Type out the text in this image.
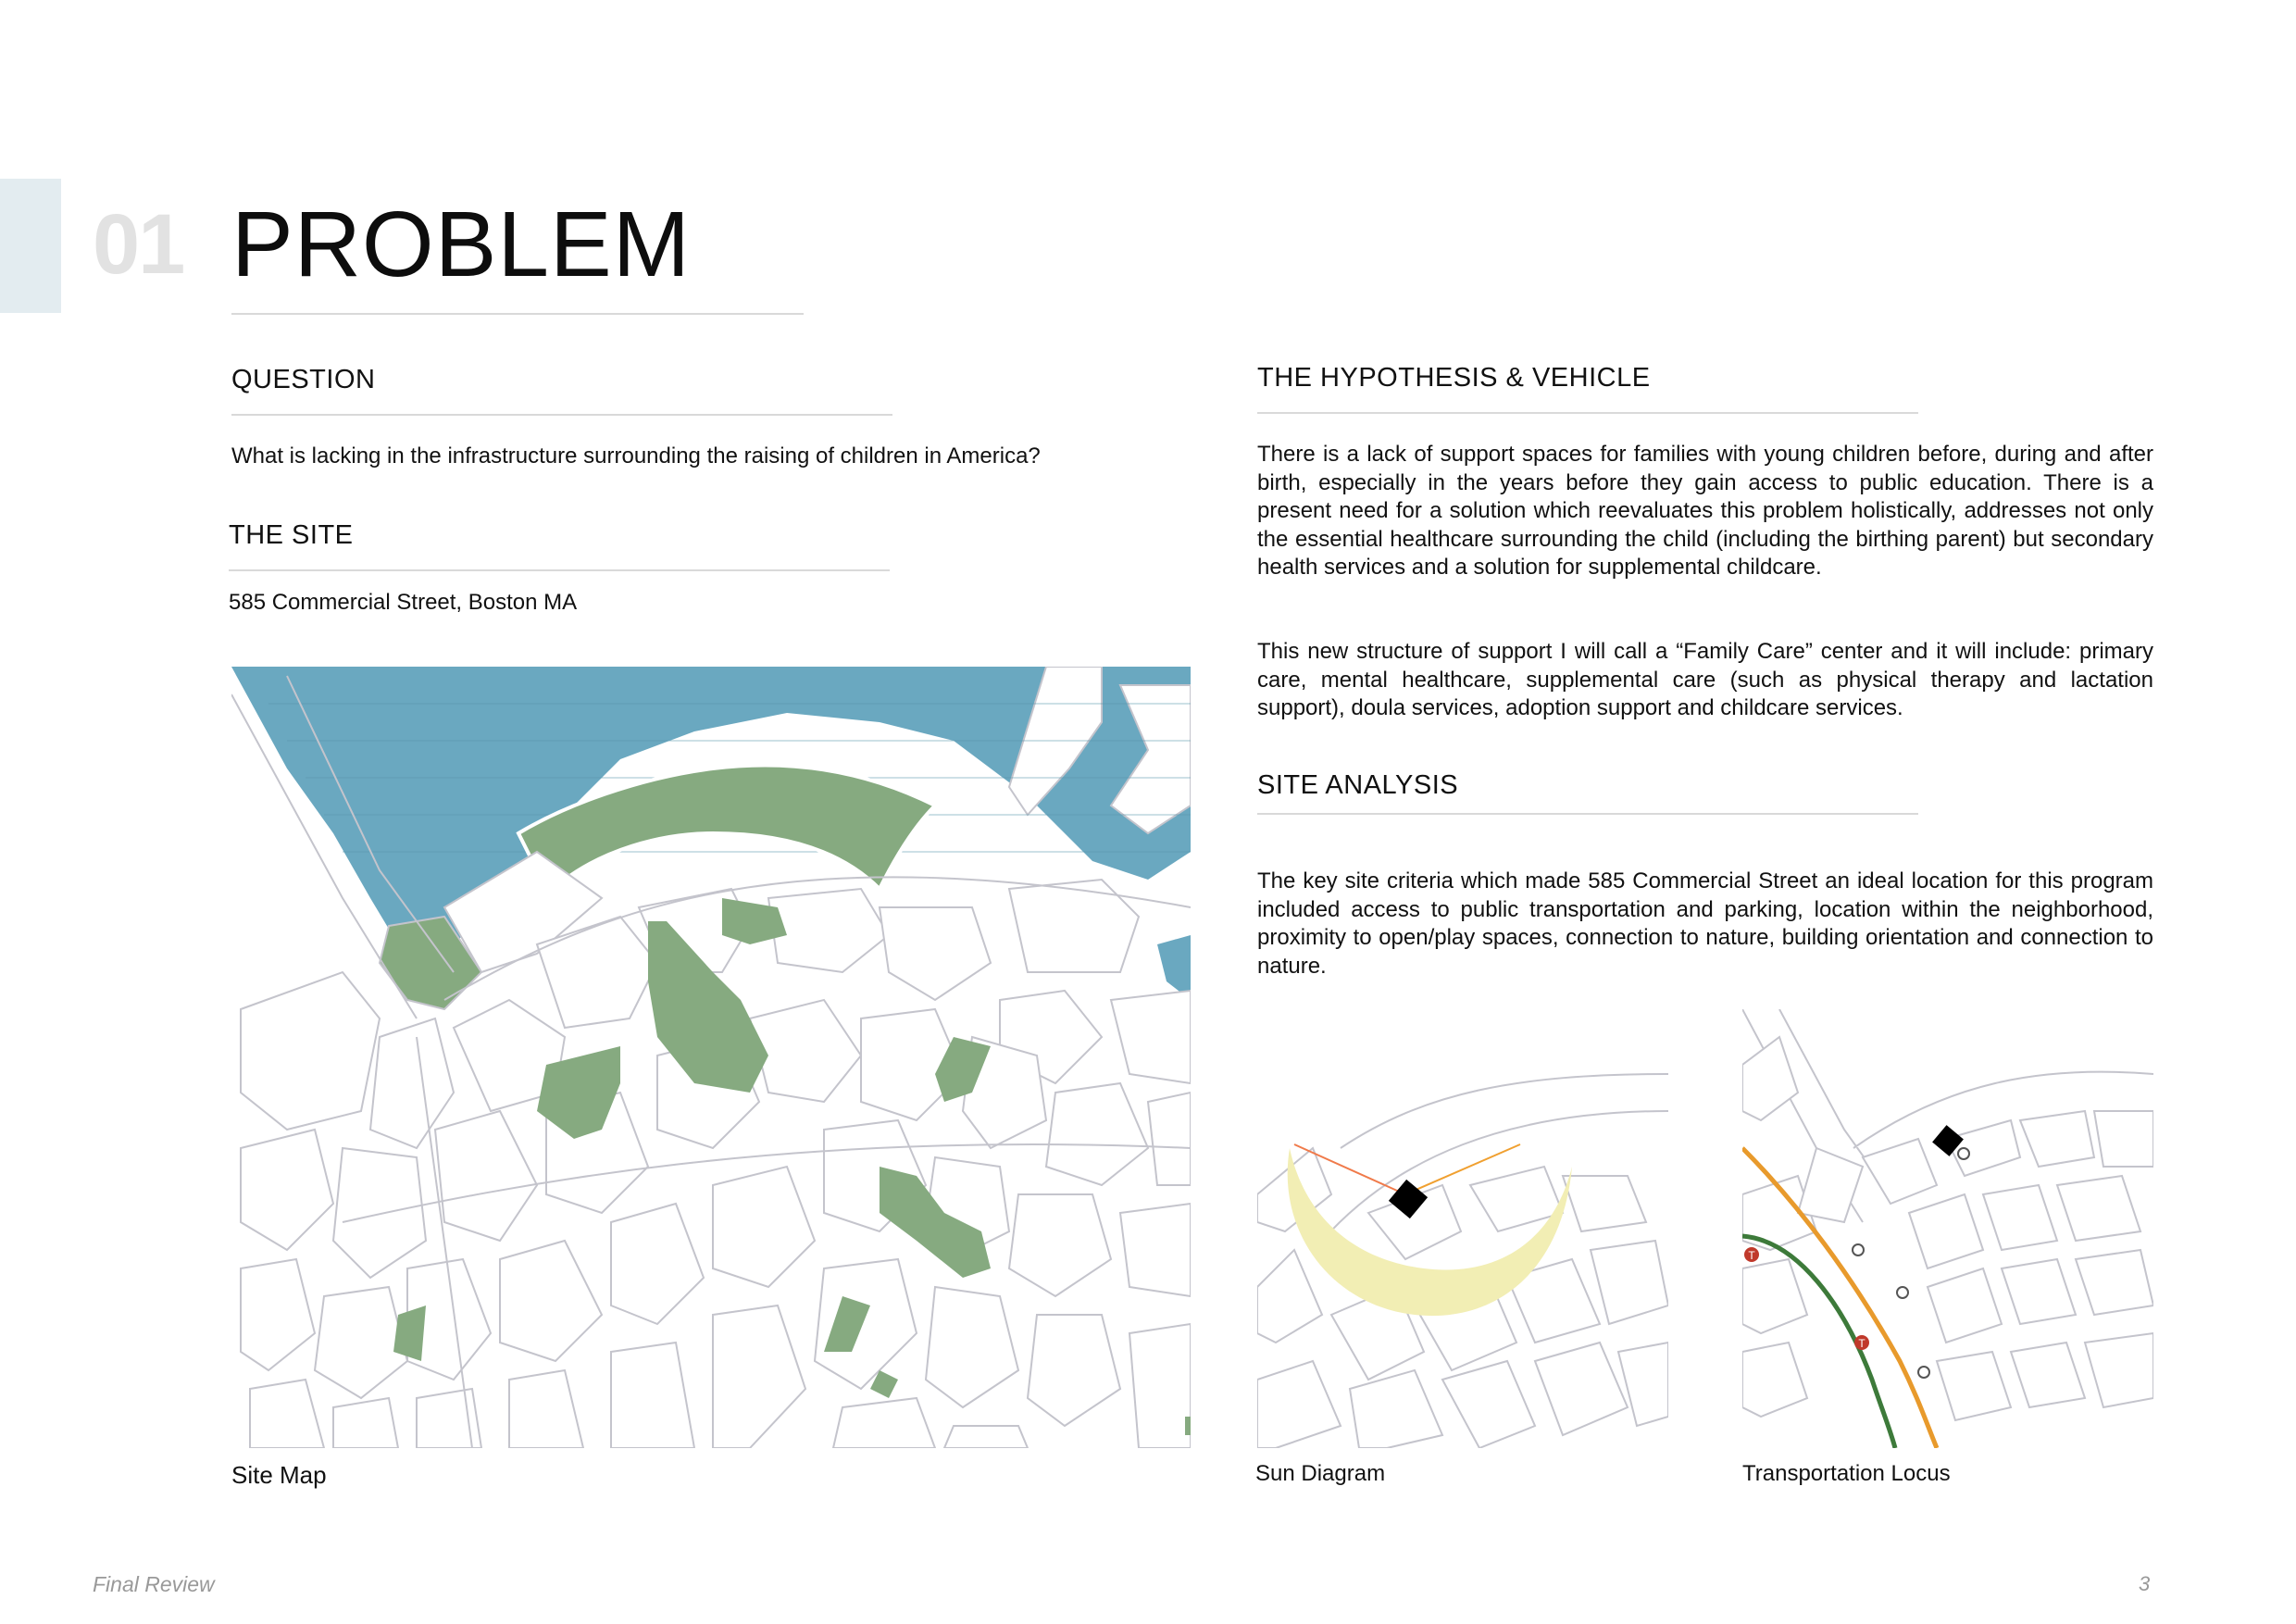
01 PROBLEM
QUESTION
What is lacking in the infrastructure surrounding the raising of children in America?
THE SITE
585 Commercial Street, Boston MA
Site Map
THE HYPOTHESIS & VEHICLE
There is a lack of support spaces for families with young children before, during and after birth, especially in the years before they gain access to public education. There is a present need for a solution which reevaluates this problem holistically, addresses not only the essential healthcare surrounding the child (including the birthing parent) but secondary health services and a solution for supplemental childcare.
This new structure of support I will call a “Family Care” center and it will include: primary care, mental healthcare, supplemental care (such as physical therapy and lactation support), doula services, adoption support and childcare services.
SITE ANALYSIS
The key site criteria which made 585 Commercial Street an ideal location for this program included access to public transportation and parking, location within the neighborhood, proximity to open/play spaces, connection to nature, building orientation and connection to nature.
Sun Diagram
T
T
Transportation Locus
Final Review	3
